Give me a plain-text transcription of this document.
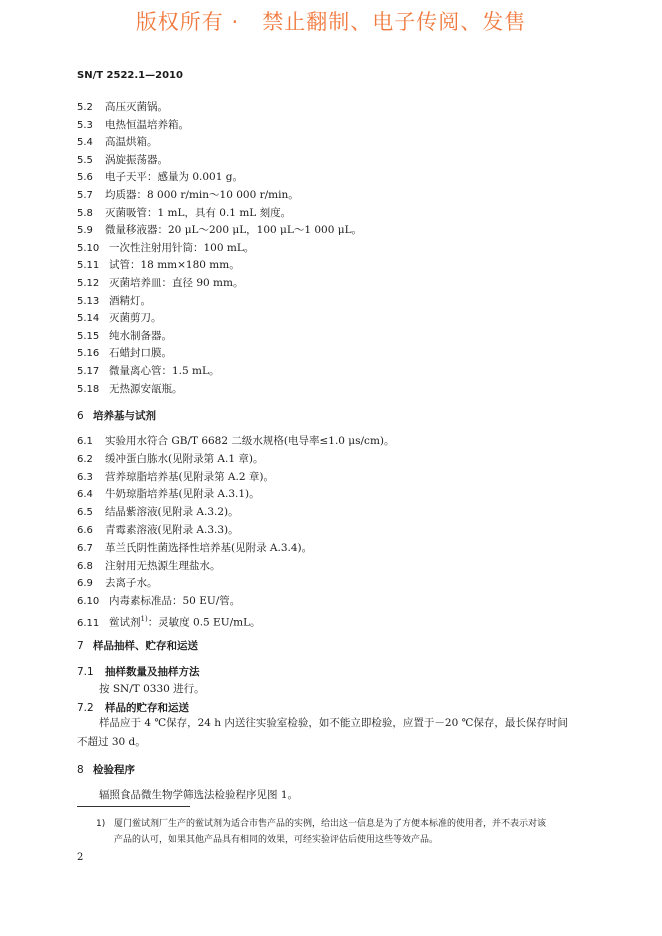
版权所有 ·   禁止翻制、电子传阅、发售
SN/T 2522.1—2010
5.2 高压灭菌锅。
5.3 电热恒温培养箱。
5.4 高温烘箱。
5.5 涡旋振荡器。
5.6 电子天平：感量为 0.001 g。
5.7 均质器：8 000 r/min～10 000 r/min。
5.8 灭菌吸管：1 mL，具有 0.1 mL 刻度。
5.9 微量移液器：20 μL～200 μL，100 μL～1 000 μL。
5.10 一次性注射用针筒：100 mL。
5.11 试管：18 mm×180 mm。
5.12 灭菌培养皿：直径 90 mm。
5.13 酒精灯。
5.14 灭菌剪刀。
5.15 纯水制备器。
5.16 石蜡封口膜。
5.17 微量离心管：1.5 mL。
5.18 无热源安瓿瓶。
6 培养基与试剂
6.1 实验用水符合 GB/T 6682 二级水规格(电导率≤1.0 μs/cm)。
6.2 缓冲蛋白胨水(见附录第 A.1 章)。
6.3 营养琼脂培养基(见附录第 A.2 章)。
6.4 牛奶琼脂培养基(见附录 A.3.1)。
6.5 结晶紫溶液(见附录 A.3.2)。
6.6 青霉素溶液(见附录 A.3.3)。
6.7 革兰氏阴性菌选择性培养基(见附录 A.3.4)。
6.8 注射用无热源生理盐水。
6.9 去离子水。
6.10 内毒素标准品：50 EU/管。
6.11 鲎试剂$^{1)}$：灵敏度 0.5 EU/mL。
7 样品抽样、贮存和运送
7.1 抽样数量及抽样方法
按 SN/T 0330 进行。
7.2 样品的贮存和运送
样品应于 4 ℃保存，24 h 内送往实验室检验，如不能立即检验，应置于－20 ℃保存，最长保存时间
不超过 30 d。
8 检验程序
辐照食品微生物学筛选法检验程序见图 1。
1) 厦门鲎试剂厂生产的鲎试剂为适合市售产品的实例，给出这一信息是为了方便本标准的使用者，并不表示对该
产品的认可，如果其他产品具有相同的效果，可经实验评估后使用这些等效产品。
2
